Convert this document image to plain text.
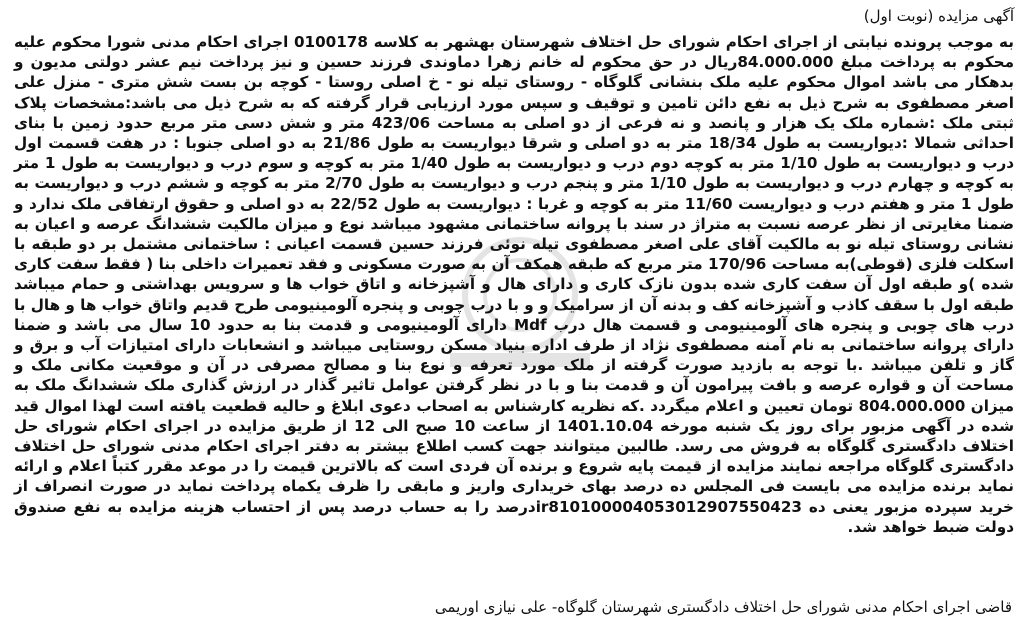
آگهی مزایده (نوبت اول)

به موجب پرونده نیابتی از اجرای احکام شورای حل اختلاف شهرستان بهشهر به کلاسه 0100178 اجرای احکام مدنی شورا محکوم علیه محکوم به پرداخت مبلغ 84.000.000ریال در حق محکوم له خانم زهرا دماوندی فرزند حسین و نیز پرداخت نیم عشر دولتی مدیون و بدهکار می باشد اموال محکوم علیه ملک بنشانی گلوگاه - روستای تیله نو - خ اصلی روستا - کوچه بن بست شش متری - منزل علی اصغر مصطفوی به شرح ذیل به نفع دائن تامین و توقیف و سپس مورد ارزیابی قرار گرفته که به شرح ذیل می باشد:مشخصات پلاک ثبتی ملک :شماره ملک یک هزار و پانصد و نه فرعی از دو اصلی به مساحت 423/06 متر و شش دسی متر مربع حدود زمین با بنای احداثی شمالا :دیواریست به طول 18/34 متر به دو اصلی و شرقا دیواریست به طول 21/86 به دو اصلی جنوبا : در هفت قسمت اول درب و دیواریست به طول 1/10 متر به کوچه دوم درب و دیواریست به طول 1/40 متر به کوچه و سوم درب و دیواریست به طول 1 متر به کوچه و چهارم درب و دیواریست به طول 1/10 متر و پنجم درب و دیواریست به طول 2/70 متر به کوچه و ششم درب و دیواریست به طول 1 متر و هفتم درب و دیواریست 11/60 متر به کوچه و غربا : دیواریست به طول 22/52 به دو اصلی و حقوق ارتفاقی ملک ندارد و ضمنا مغایرتی از نظر عرصه نسبت به متراژ در سند با پروانه ساختمانی مشهود میباشد نوع و میزان مالکیت ششدانگ عرصه و اعیان به نشانی روستای تیله نو به مالکیت آقای علی اصغر مصطفوی تیله نوئی فرزند حسین قسمت اعیانی : ساختمانی مشتمل بر دو طبقه با اسکلت فلزی (قوطی)به مساحت 170/96 متر مربع که طبقه همکف آن به صورت مسکونی و فقد تعمیرات داخلی بنا ( فقط سفت کاری شده )و طبقه اول آن سفت کاری شده بدون نازک کاری و دارای هال و آشپزخانه و اتاق خواب ها و سرویس بهداشتی و حمام میباشد طبقه اول با سقف کاذب و آشپزخانه کف و بدنه آن از سرامیک و و با درب چوبی و پنجره آلومینیومی طرح قدیم واتاق خواب ها و هال با درب های چوبی و پنجره های آلومینیومی و قسمت هال درب Mdf دارای آلومینیومی و قدمت بنا به حدود 10 سال می باشد و ضمنا دارای پروانه ساختمانی به نام آمنه مصطفوی نژاد از طرف اداره بنیاد مسکن روستایی میباشد و انشعابات دارای امتیازات آب و برق و گاز و تلفن میباشد .با توجه به بازدید صورت گرفته از ملک مورد تعرفه و نوع بنا و مصالح مصرفی در آن و موقعیت مکانی ملک و مساحت آن و قواره عرصه و بافت پیرامون آن و قدمت بنا و با در نظر گرفتن عوامل تاثیر گذار در ارزش گذاری ملک ششدانگ ملک به میزان 804.000.000 تومان تعیین و اعلام میگردد .که نظریه کارشناس به اصحاب دعوی ابلاغ و حالیه قطعیت یافته است لهذا اموال قید شده در آگهی مزبور برای روز یک شنبه مورخه 1401.10.04 از ساعت 10 صبح الی 12 از طریق مزایده در اجرای احکام شورای حل اختلاف دادگستری گلوگاه به فروش می رسد. طالبین میتوانند جهت کسب اطلاع بیشتر به دفتر اجرای احکام مدنی شورای حل اختلاف دادگستری گلوگاه مراجعه نمایند مزایده از قیمت پایه شروع و برنده آن فردی است که بالاترین قیمت را در موعد مقرر کتباً اعلام و ارائه نماید برنده مزایده می بایست فی المجلس ده درصد بهای خریداری واریز و مابقی را ظرف یکماه پرداخت نماید در صورت انصراف از خرید سپرده مزبور یعنی ده ir810100004053012907550423درصد را به حساب درصد پس از احتساب هزینه مزایده به نفع صندوق دولت ضبط خواهد شد.

قاضی اجرای احکام مدنی شورای حل اختلاف دادگستری شهرستان گلوگاه- علی نیازی اوریمی
